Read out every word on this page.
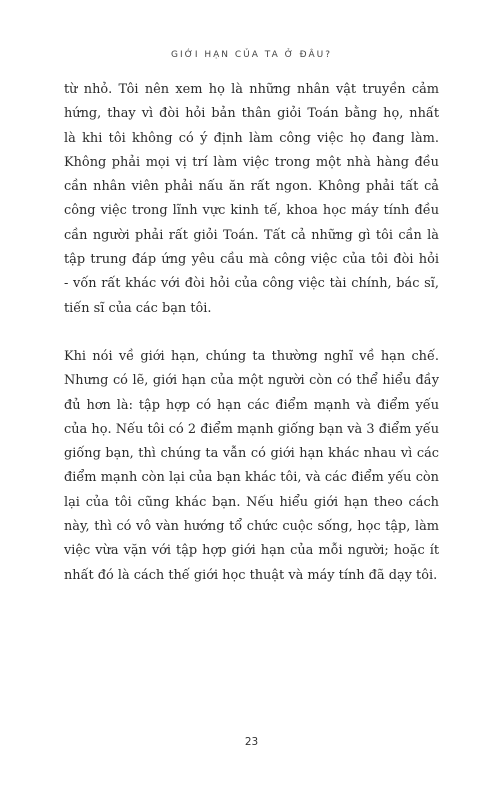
GIỚI HẠN CỦA TA Ở ĐÂU?

từ nhỏ. Tôi nên xem họ là những nhân vật truyền cảm
hứng, thay vì đòi hỏi bản thân giỏi Toán bằng họ, nhất
là khi tôi không có ý định làm công việc họ đang làm.
Không phải mọi vị trí làm việc trong một nhà hàng đều
cần nhân viên phải nấu ăn rất ngon. Không phải tất cả
công việc trong lĩnh vực kinh tế, khoa học máy tính đều
cần người phải rất giỏi Toán. Tất cả những gì tôi cần là
tập trung đáp ứng yêu cầu mà công việc của tôi đòi hỏi
- vốn rất khác với đòi hỏi của công việc tài chính, bác sĩ,
tiến sĩ của các bạn tôi.

Khi nói về giới hạn, chúng ta thường nghĩ về hạn chế.
Nhưng có lẽ, giới hạn của một người còn có thể hiểu đầy
đủ hơn là: tập hợp có hạn các điểm mạnh và điểm yếu
của họ. Nếu tôi có 2 điểm mạnh giống bạn và 3 điểm yếu
giống bạn, thì chúng ta vẫn có giới hạn khác nhau vì các
điểm mạnh còn lại của bạn khác tôi, và các điểm yếu còn
lại của tôi cũng khác bạn. Nếu hiểu giới hạn theo cách
này, thì có vô vàn hướng tổ chức cuộc sống, học tập, làm
việc vừa vặn với tập hợp giới hạn của mỗi người; hoặc ít
nhất đó là cách thế giới học thuật và máy tính đã dạy tôi.

23
